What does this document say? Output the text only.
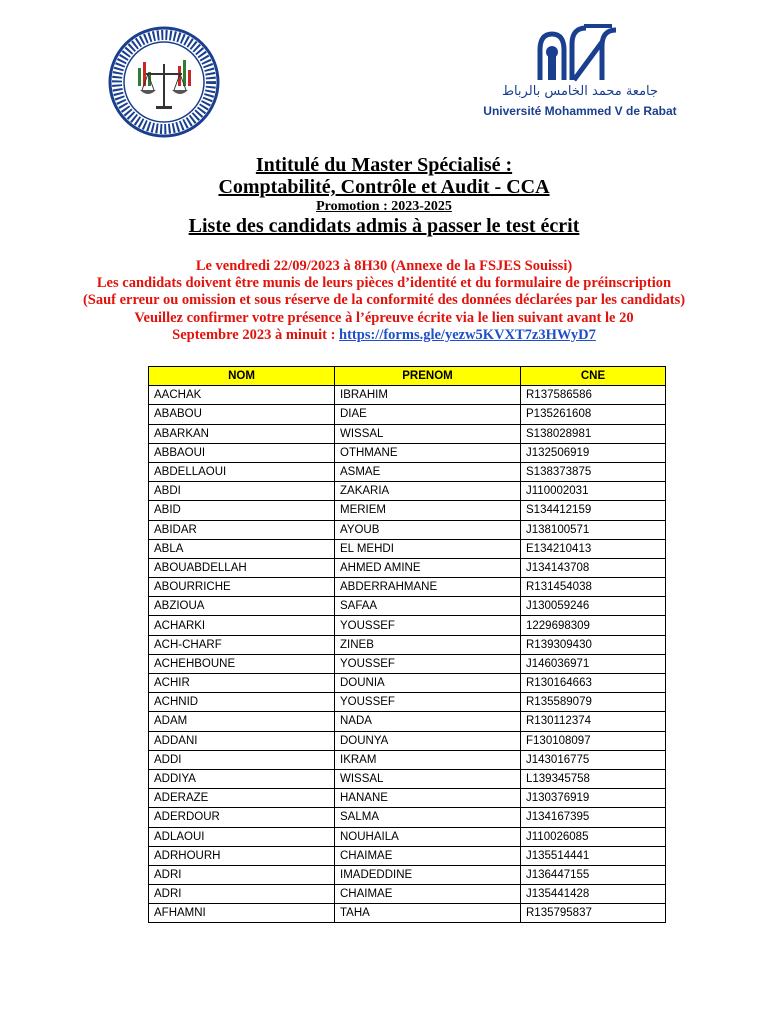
جامعة محمد الخامس بالرباط
Université Mohammed V de Rabat
Intitulé du Master Spécialisé :
Comptabilité, Contrôle et Audit - CCA
Promotion : 2023-2025
Liste des candidats admis à passer le test écrit
Le vendredi 22/09/2023 à 8H30 (Annexe de la FSJES Souissi)
Les candidats doivent être munis de leurs pièces d’identité et du formulaire de préinscription
(Sauf erreur ou omission et sous réserve de la conformité des données déclarées par les candidats)
Veuillez confirmer votre présence à l’épreuve écrite via le lien suivant avant le 20
Septembre 2023 à minuit : https://forms.gle/yezw5KVXT7z3HWyD7
NOM	PRENOM	CNE
AACHAK	IBRAHIM	R137586586
ABABOU	DIAE	P135261608
ABARKAN	WISSAL	S138028981
ABBAOUI	OTHMANE	J132506919
ABDELLAOUI	ASMAE	S138373875
ABDI	ZAKARIA	J110002031
ABID	MERIEM	S134412159
ABIDAR	AYOUB	J138100571
ABLA	EL MEHDI	E134210413
ABOUABDELLAH	AHMED AMINE	J134143708
ABOURRICHE	ABDERRAHMANE	R131454038
ABZIOUA	SAFAA	J130059246
ACHARKI	YOUSSEF	1229698309
ACH-CHARF	ZINEB	R139309430
ACHEHBOUNE	YOUSSEF	J146036971
ACHIR	DOUNIA	R130164663
ACHNID	YOUSSEF	R135589079
ADAM	NADA	R130112374
ADDANI	DOUNYA	F130108097
ADDI	IKRAM	J143016775
ADDIYA	WISSAL	L139345758
ADERAZE	HANANE	J130376919
ADERDOUR	SALMA	J134167395
ADLAOUI	NOUHAILA	J110026085
ADRHOURH	CHAIMAE	J135514441
ADRI	IMADEDDINE	J136447155
ADRI	CHAIMAE	J135441428
AFHAMNI	TAHA	R135795837
